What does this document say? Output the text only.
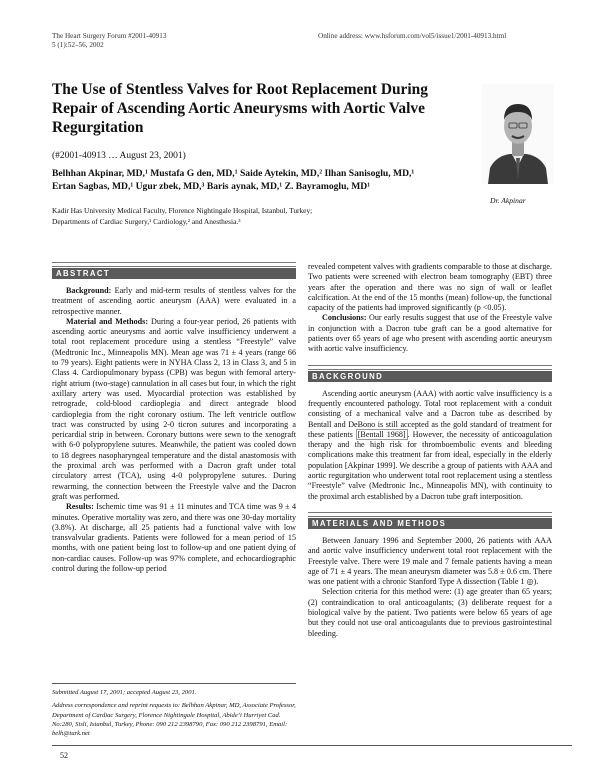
The Heart Surgery Forum #2001-40913
5 (1):52–56, 2002
Online address: www.hsforum.com/vol5/issue1/2001-40913.html
The Use of Stentless Valves for Root Replacement During Repair of Ascending Aortic Aneurysms with Aortic Valve Regurgitation
(#2001-40913 … August 23, 2001)
Belhhan Akpinar, MD,¹ Mustafa G den, MD,¹ Saide Aytekin, MD,² Ilhan Sanisoglu, MD,¹
Ertan Sagbas, MD,¹ Ugur zbek, MD,³ Baris aynak, MD,¹ Z. Bayramoglu, MD¹
Kadir Has University Medical Faculty, Florence Nightingale Hospital, Istanbul, Turkey;
Departments of Cardiac Surgery,¹ Cardiology,² and Anesthesia.³
Dr. Akpinar
ABSTRACT

Background: Early and mid-term results of stentless valves for the treatment of ascending aortic aneurysm (AAA) were evaluated in a retrospective manner.

Material and Methods: During a four-year period, 26 patients with ascending aortic aneurysms and aortic valve insufficiency underwent a total root replacement procedure using a stentless “Freestyle” valve (Medtronic Inc., Minneapolis MN). Mean age was 71 ± 4 years (range 66 to 79 years). Eight patients were in NYHA Class 2, 13 in Class 3, and 5 in Class 4. Cardiopulmonary bypass (CPB) was begun with femoral artery-right atrium (two-stage) cannulation in all cases but four, in which the right axillary artery was used. Myocardial protection was established by retrograde, cold-blood cardioplegia and direct antegrade blood cardioplegia from the right coronary ostium. The left ventricle outflow tract was constructed by using 2-0 ticron sutures and incorporating a pericardial strip in between. Coronary buttons were sewn to the xenograft with 6-0 polypropylene sutures. Meanwhile, the patient was cooled down to 18 degrees nasopharyngeal temperature and the distal anastomosis with the proximal arch was performed with a Dacron graft under total circulatory arrest (TCA), using 4-0 polypropylene sutures. During rewarming, the connection between the Freestyle valve and the Dacron graft was performed.

Results: Ischemic time was 91 ± 11 minutes and TCA time was 9 ± 4 minutes. Operative mortality was zero, and there was one 30-day mortality (3.8%). At discharge, all 25 patients had a functional valve with low transvalvular gradients. Patients were followed for a mean period of 15 months, with one patient being lost to follow-up and one patient dying of non-cardiac causes. Follow-up was 97% complete, and echocardiographic control during the follow-up period

Submitted August 17, 2001; accepted August 23, 2001.
Address correspondence and reprint requests to: Belhhan Akpinar, MD, Associate Professor, Department of Cardiac Surgery, Florence Nightingale Hospital, Abide’i Hurriyet Cad. No:280, Sisli, Istanbul, Turkey, Phone: 090 212 2398790, Fax: 090 212 2398791, Email: belh@turk.net
52

revealed competent valves with gradients comparable to those at discharge. Two patients were screened with electron beam tomography (EBT) three years after the operation and there was no sign of wall or leaflet calcification. At the end of the 15 months (mean) follow-up, the functional capacity of the patients had improved significantly (p <0.05).

Conclusions: Our early results suggest that use of the Freestyle valve in conjunction with a Dacron tube graft can be a good alternative for patients over 65 years of age who present with ascending aortic aneurysm with aortic valve insufficiency.

BACKGROUND

Ascending aortic aneurysm (AAA) with aortic valve insufficiency is a frequently encountered pathology. Total root replacement with a conduit consisting of a mechanical valve and a Dacron tube as described by Bentall and DeBono is still accepted as the gold standard of treatment for these patients [Bentall 1968] . However, the necessity of anticoagulation therapy and the high risk for thromboembolic events and bleeding complications make this treatment far from ideal, especially in the elderly population [Akpinar 1999]. We describe a group of patients with AAA and aortic regurgitation who underwent total root replacement using a stentless “Freestyle” valve (Medtronic Inc., Minneapolis MN), with continuity to the proximal arch established by a Dacron tube graft interposition.

MATERIALS AND METHODS

Between January 1996 and September 2000, 26 patients with AAA and aortic valve insufficiency underwent total root replacement with the Freestyle valve. There were 19 male and 7 female patients having a mean age of 71 ± 4 years. The mean aneurysm diameter was 5.8 ± 0.6 cm. There was one patient with a chronic Stanford Type A dissection (Table 1 ◎).

Selection criteria for this method were: (1) age greater than 65 years; (2) contraindication to oral anticoagulants; (3) deliberate request for a biological valve by the patient. Two patients were below 65 years of age but they could not use oral anticoagulants due to previous gastrointestinal bleeding.
